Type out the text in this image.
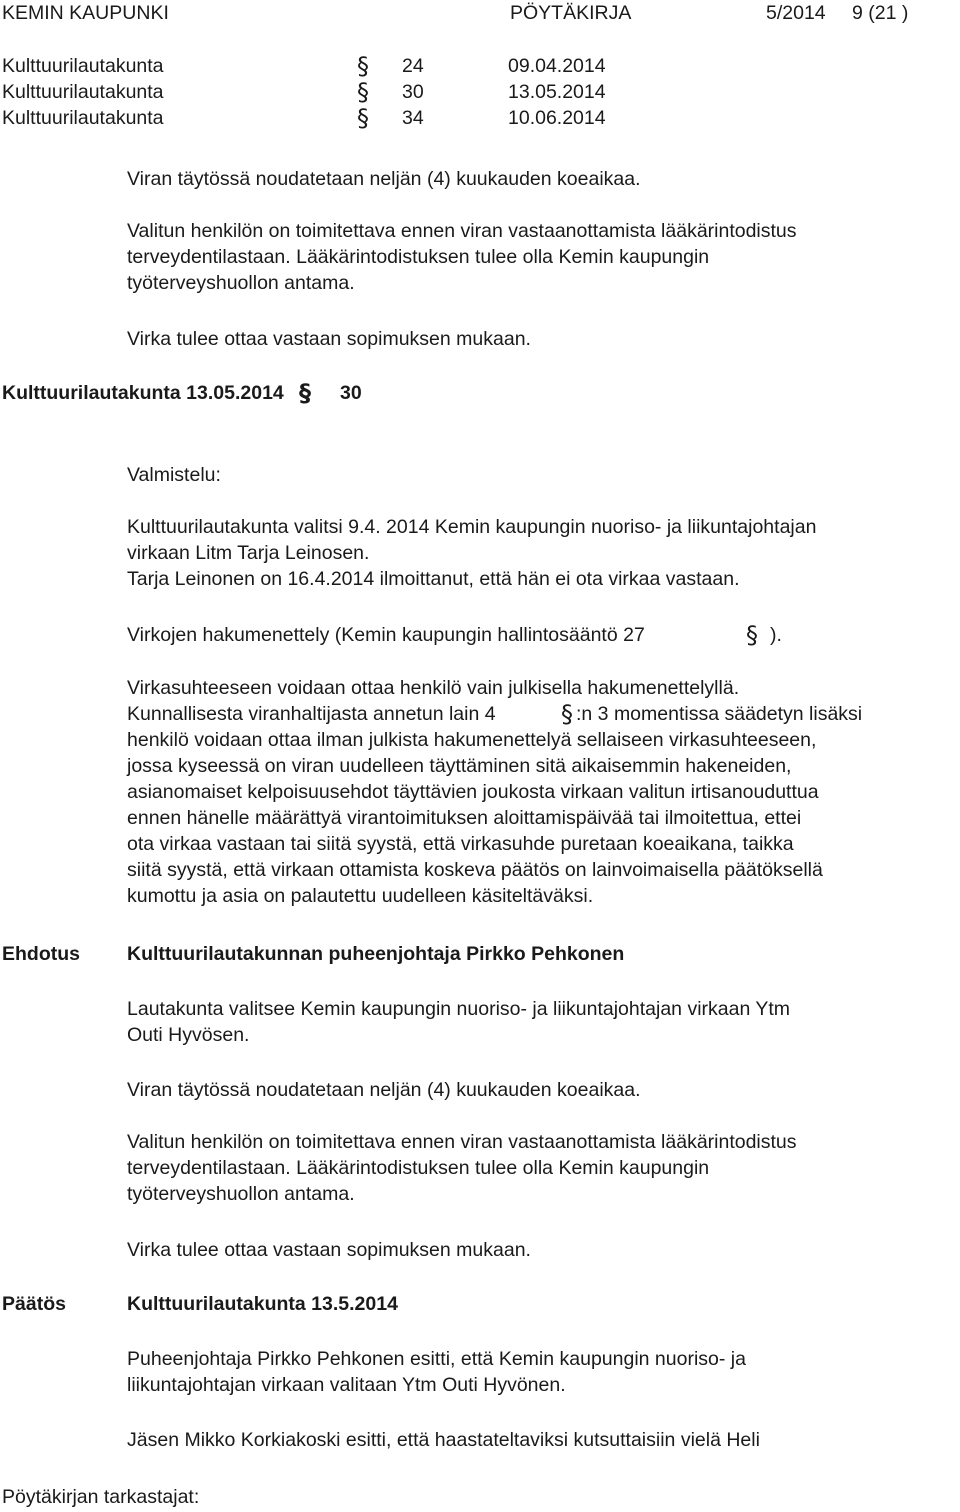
KEMIN KAUPUNKI	PÖYTÄKIRJA	5/2014 9 (21 )
Kulttuurilautakunta	§ 24	09.04.2014
Kulttuurilautakunta	§ 30	13.05.2014
Kulttuurilautakunta	§ 34	10.06.2014
Viran täytössä noudatetaan neljän (4) kuukauden koeaikaa.
Valitun henkilön on toimitettava ennen viran vastaanottamista lääkärintodistus
terveydentilastaan. Lääkärintodistuksen tulee olla Kemin kaupungin
työterveyshuollon antama.
Virka tulee ottaa vastaan sopimuksen mukaan.
Kulttuurilautakunta 13.05.2014 § 30
Valmistelu:
Kulttuurilautakunta valitsi 9.4. 2014 Kemin kaupungin nuoriso- ja liikuntajohtajan
virkaan Litm Tarja Leinosen.
Tarja Leinonen on 16.4.2014 ilmoittanut, että hän ei ota virkaa vastaan.
Virkojen hakumenettely (Kemin kaupungin hallintosääntö 27	§ ).
Virkasuhteeseen voidaan ottaa henkilö vain julkisella hakumenettelyllä.
Kunnallisesta viranhaltijasta annetun lain 4	§ :n 3 momentissa säädetyn lisäksi
henkilö voidaan ottaa ilman julkista hakumenettelyä sellaiseen virkasuhteeseen,
jossa kyseessä on viran uudelleen täyttäminen sitä aikaisemmin hakeneiden,
asianomaiset kelpoisuusehdot täyttävien joukosta virkaan valitun irtisanouduttua
ennen hänelle määrättyä virantoimituksen aloittamispäivää tai ilmoitettua, ettei
ota virkaa vastaan tai siitä syystä, että virkasuhde puretaan koeaikana, taikka
siitä syystä, että virkaan ottamista koskeva päätös on lainvoimaisella päätöksellä
kumottu ja asia on palautettu uudelleen käsiteltäväksi.
Ehdotus Kulttuurilautakunnan puheenjohtaja Pirkko Pehkonen
Lautakunta valitsee Kemin kaupungin nuoriso- ja liikuntajohtajan virkaan Ytm
Outi Hyvösen.
Viran täytössä noudatetaan neljän (4) kuukauden koeaikaa.
Valitun henkilön on toimitettava ennen viran vastaanottamista lääkärintodistus
terveydentilastaan. Lääkärintodistuksen tulee olla Kemin kaupungin
työterveyshuollon antama.
Virka tulee ottaa vastaan sopimuksen mukaan.
Päätös	Kulttuurilautakunta 13.5.2014
Puheenjohtaja Pirkko Pehkonen esitti, että Kemin kaupungin nuoriso- ja
liikuntajohtajan virkaan valitaan Ytm Outi Hyvönen.
Jäsen Mikko Korkiakoski esitti, että haastateltaviksi kutsuttaisiin vielä Heli
Pöytäkirjan tarkastajat:
